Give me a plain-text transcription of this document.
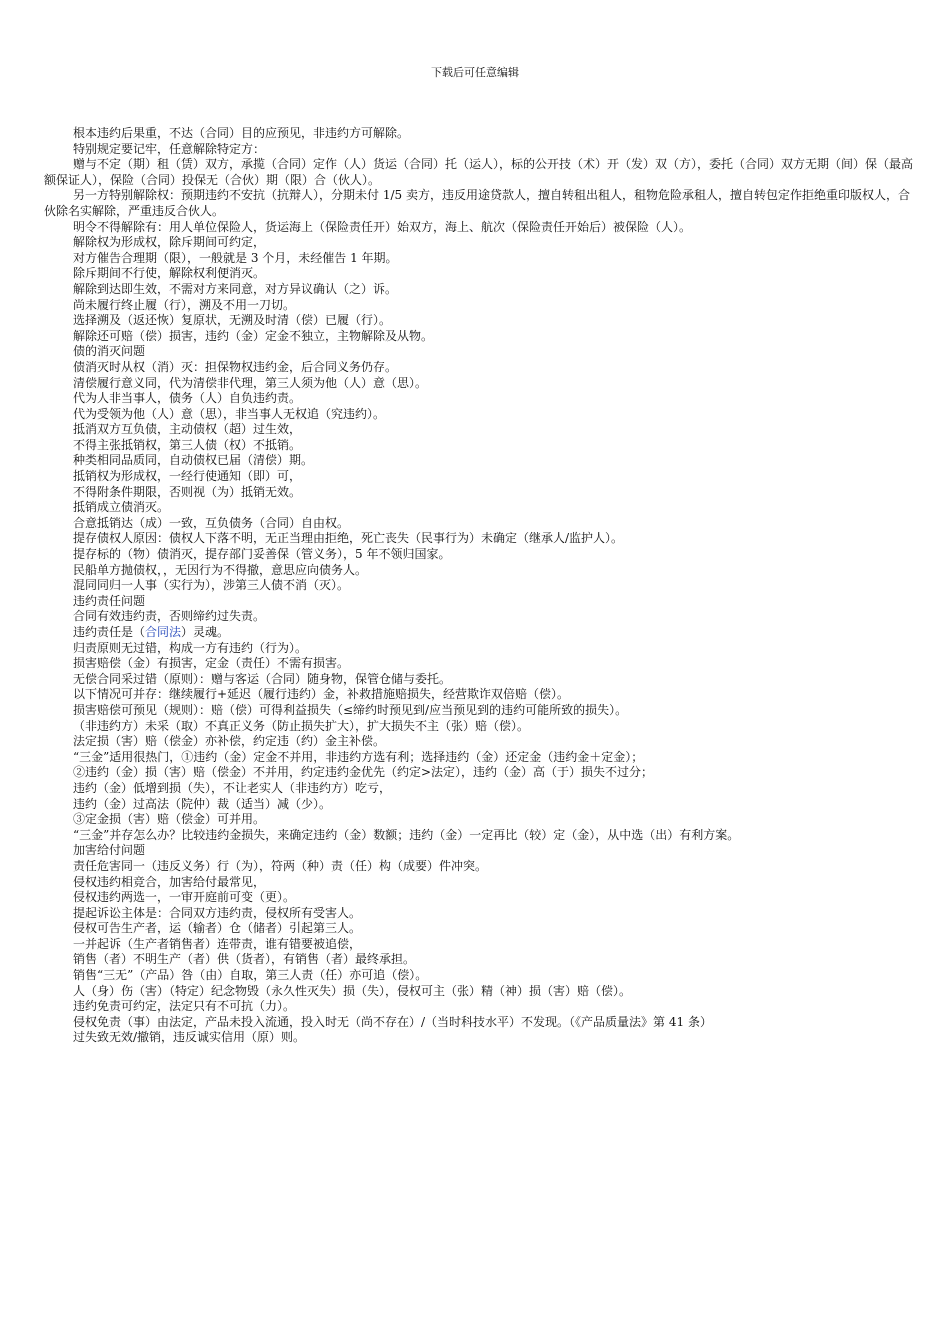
下载后可任意编辑

根本违约后果重，不达（合同）目的应预见，非违约方可解除。

特别规定要记牢，任意解除特定方：

赠与不定（期）租（赁）双方，承揽（合同）定作（人）货运（合同）托（运人），标的公开技（术）开（发）双（方），委托（合同）双方无期（间）保（最高额保证人），保险（合同）投保无（合伙）期（限）合（伙人）。

另一方特别解除权：预期违约不安抗（抗辩人），分期未付 1/5 卖方，违反用途贷款人，擅自转租出租人，租物危险承租人，擅自转包定作拒绝重印版权人，合伙除名实解除，严重违反合伙人。

明令不得解除有：用人单位保险人，货运海上（保险责任开）始双方，海上、航次（保险责任开始后）被保险（人）。

解除权为形成权，除斥期间可约定，

对方催告合理期（限），一般就是 3 个月，未经催告 1 年期。

除斥期间不行使，解除权利便消灭。

解除到达即生效，不需对方来同意，对方异议确认（之）诉。

尚未履行终止履（行），溯及不用一刀切。

选择溯及（返还恢）复原状，无溯及时清（偿）已履（行）。

解除还可赔（偿）损害，违约（金）定金不独立，主物解除及从物。

债的消灭问题

债消灭时从权（消）灭：担保物权违约金，后合同义务仍存。

清偿履行意义同，代为清偿非代理，第三人须为他（人）意（思）。

代为人非当事人，债务（人）自负违约责。

代为受领为他（人）意（思），非当事人无权追（究违约）。

抵消双方互负债，主动债权（超）过生效，

不得主张抵销权，第三人债（权）不抵销。

种类相同品质同，自动债权已届（清偿）期。

抵销权为形成权，一经行使通知（即）可，

不得附条件期限，否则视（为）抵销无效。

抵销成立债消灭。

合意抵销达（成）一致，互负债务（合同）自由权。

提存债权人原因：债权人下落不明，无正当理由拒绝，死亡丧失（民事行为）未确定（继承人/监护人）。

提存标的（物）债消灭，提存部门妥善保（管义务），5 年不领归国家。

民船单方抛债权，，无因行为不得撤，意思应向债务人。

混同同归一人事（实行为），涉第三人债不消（灭）。

违约责任问题

合同有效违约责，否则缔约过失责。

违约责任是（合同法）灵魂。

归责原则无过错，构成一方有违约（行为）。

损害赔偿（金）有损害，定金（责任）不需有损害。

无偿合同采过错（原则）：赠与客运（合同）随身物，保管仓储与委托。

以下情况可并存：继续履行+延迟（履行违约）金，补救措施赔损失，经营欺诈双倍赔（偿）。

损害赔偿可预见（规则）：赔（偿）可得利益损失（≤缔约时预见到/应当预见到的违约可能所致的损失）。

（非违约方）未采（取）不真正义务（防止损失扩大），扩大损失不主（张）赔（偿）。

法定损（害）赔（偿金）亦补偿，约定违（约）金主补偿。

“三金”适用很热门，①违约（金）定金不并用，非违约方选有利；选择违约（金）还定金（违约金＋定金）；

②违约（金）损（害）赔（偿金）不并用，约定违约金优先（约定>法定），违约（金）高（于）损失不过分；

违约（金）低增到损（失），不让老实人（非违约方）吃亏，

违约（金）过高法（院仲）裁（适当）减（少）。

③定金损（害）赔（偿金）可并用。

“三金”并存怎么办？比较违约金损失，来确定违约（金）数额；违约（金）一定再比（较）定（金），从中选（出）有利方案。

加害给付问题

责任危害同一（违反义务）行（为），符两（种）责（任）构（成要）件冲突。

侵权违约相竞合，加害给付最常见，

侵权违约两选一，一审开庭前可变（更）。

提起诉讼主体是：合同双方违约责，侵权所有受害人。

侵权可告生产者，运（输者）仓（储者）引起第三人。

一并起诉（生产者销售者）连带责，谁有错要被追偿，

销售（者）不明生产（者）供（货者），有销售（者）最终承担。

销售“三无”（产品）咎（由）自取，第三人责（任）亦可追（偿）。

人（身）伤（害）（特定）纪念物毁（永久性灭失）损（失），侵权可主（张）精（神）损（害）赔（偿）。

违约免责可约定，法定只有不可抗（力）。

侵权免责（事）由法定，产品未投入流通，投入时无（尚不存在）/（当时科技水平）不发现。（《产品质量法》第 41 条）

过失致无效/撤销，违反诚实信用（原）则。
